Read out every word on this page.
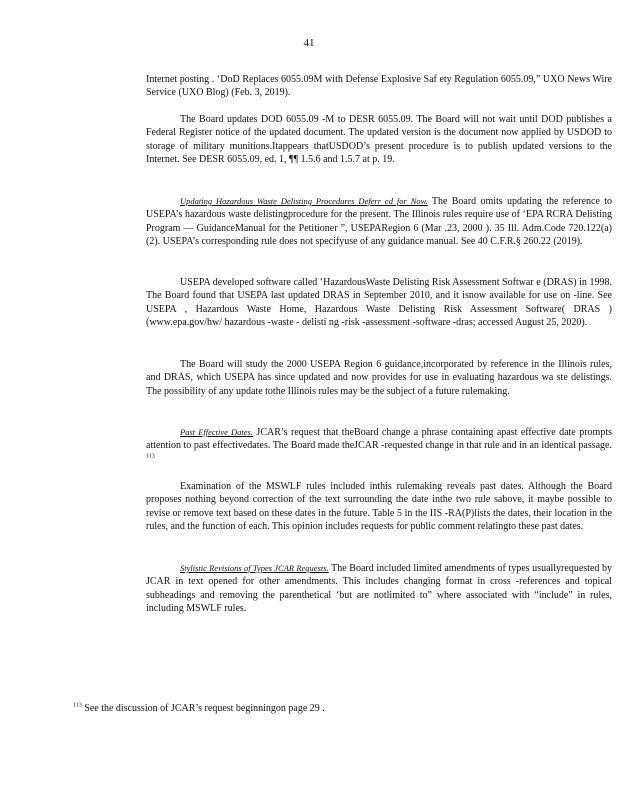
41

Internet posting . ‘DoD Replaces 6055.09M with Defense Explosive Saf ety Regulation 6055.09,” UXO News Wire Service (UXO Blog) (Feb. 3, 2019).

The Board updates DOD 6055.09 -M to DESR 6055.09. The Board will not wait until DOD publishes a Federal Register notice of the updated document. The updated version is the document now applied by USDOD to storage of military munitions.Itappears thatUSDOD’s present procedure is to publish updated versions to the Internet. See DESR 6055.09, ed. 1, ¶¶ 1.5.6 and 1.5.7 at p. 19.

Updating Hazardous Waste Delisting Procedures Deferr ed for Now. The Board omits updating the reference to USEPA’s hazardous waste delistingprocedure for the present. The Illinois rules require use of ‘EPA RCRA Delisting Program — GuidanceManual for the Petitioner ”, USEPARegion 6 (Mar .23, 2000 ). 35 Ill. Adm.Code 720.122(a)(2). USEPA’s corresponding rule does not specifyuse of any guidance manual. See 40 C.F.R.§ 260.22 (2019).

USEPA developed software called ‘HazardousWaste Delisting Risk Assessment Softwar e (DRAS) in 1998. The Board found that USEPA last updated DRAS in September 2010, and it isnow available for use on -line. See USEPA , Hazardous Waste Home, Hazardous Waste Delisting Risk Assessment Software( DRAS )(www.epa.gov/hw/ hazardous -waste - delisti ng -risk -assessment -software -dras; accessed August 25, 2020).

The Board will study the 2000 USEPA Region 6 guidance,incorporated by reference in the Illinois rules, and DRAS, which USEPA has since updated and now provides for use in evaluating hazardous wa ste delistings. The possibility of any update tothe Illinois rules may be the subject of a future rulemaking.

Past Effective Dates. JCAR’s request that theBoard change a phrase containing apast effective date prompts attention to past effectivedates. The Board made theJCAR -requested change in that rule and in an identical passage. $^{113}$

Examination of the MSWLF rules included inthis rulemaking reveals past dates. Although the Board proposes nothing beyond correction of the text surrounding the date inthe two rule sabove, it maybe possible to revise or remove text based on these dates in the future. Table 5 in the IIS -RA(P)lists the dates, their location in the rules, and the function of each. This opinion includes requests for public comment relatingto these past dates.

Stylistic Revisions of Types JCAR Requests. The Board included limited amendments of types usuallyrequested by JCAR in text opened for other amendments. This includes changing format in cross -references and topical subheadings and removing the parenthetical ‘but are notlimited to” where associated with “include” in rules, including MSWLF rules.

$^{113}$ See the discussion of JCAR’s request beginningon page 29 .
